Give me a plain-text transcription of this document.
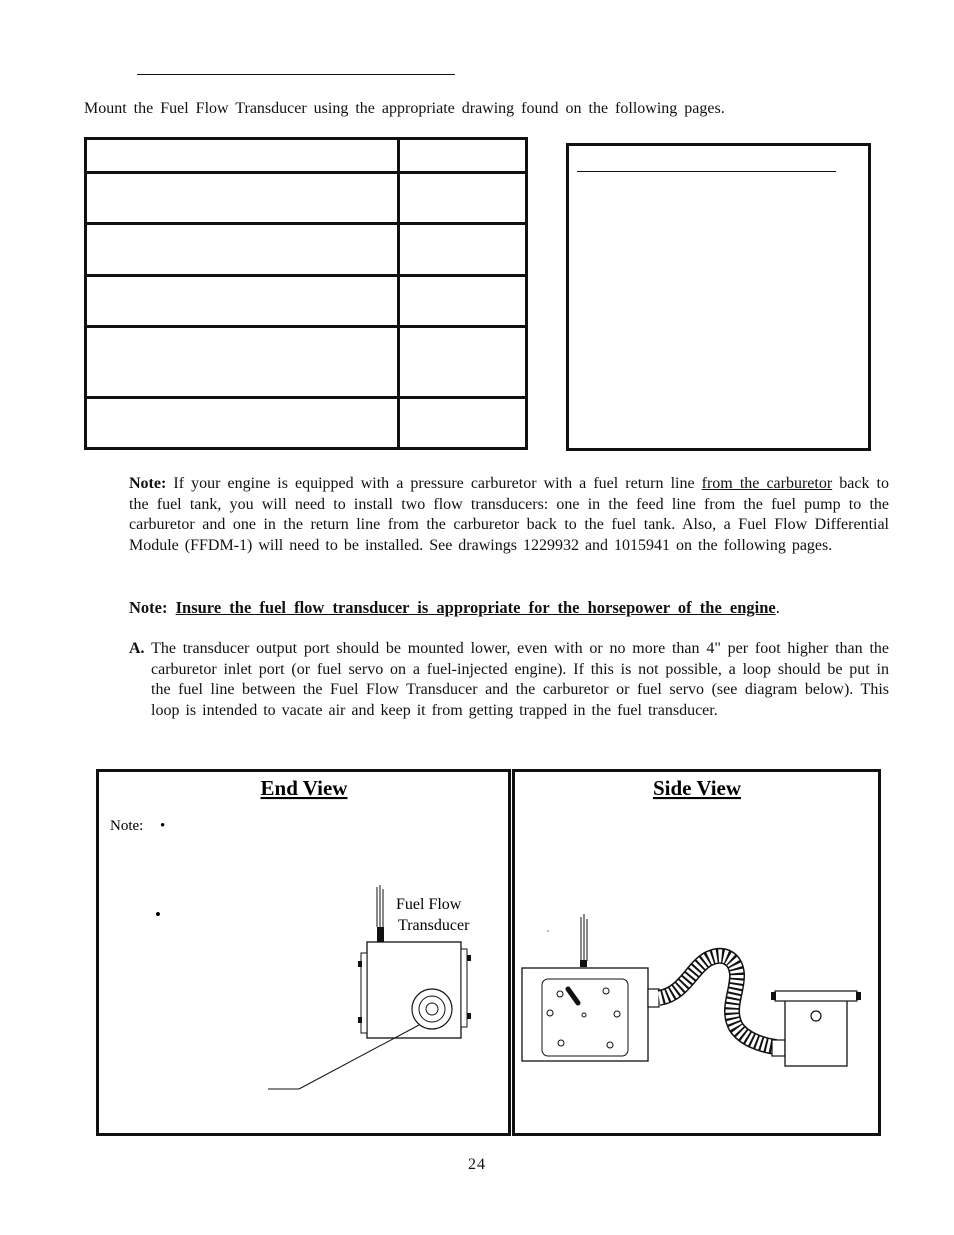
Mount the Fuel Flow Transducer using the appropriate drawing found on the following pages.

Note: If your engine is equipped with a pressure carburetor with a fuel return line from the carburetor back to the fuel tank, you will need to install two flow transducers: one in the feed line from the fuel pump to the carburetor and one in the return line from the carburetor back to the fuel tank. Also, a Fuel Flow Differential Module (FFDM-1) will need to be installed. See drawings 1229932 and 1015941 on the following pages.
Note: Insure the fuel flow transducer is appropriate for the horsepower of the engine.
A. The transducer output port should be mounted lower, even with or no more than 4" per foot higher than the carburetor inlet port (or fuel servo on a fuel-injected engine). If this is not possible, a loop should be put in the fuel line between the Fuel Flow Transducer and the carburetor or fuel servo (see diagram below). This loop is intended to vacate air and keep it from getting trapped in the fuel transducer.
End View	Side View
Note: •
•
Fuel Flow
Transducer
24
